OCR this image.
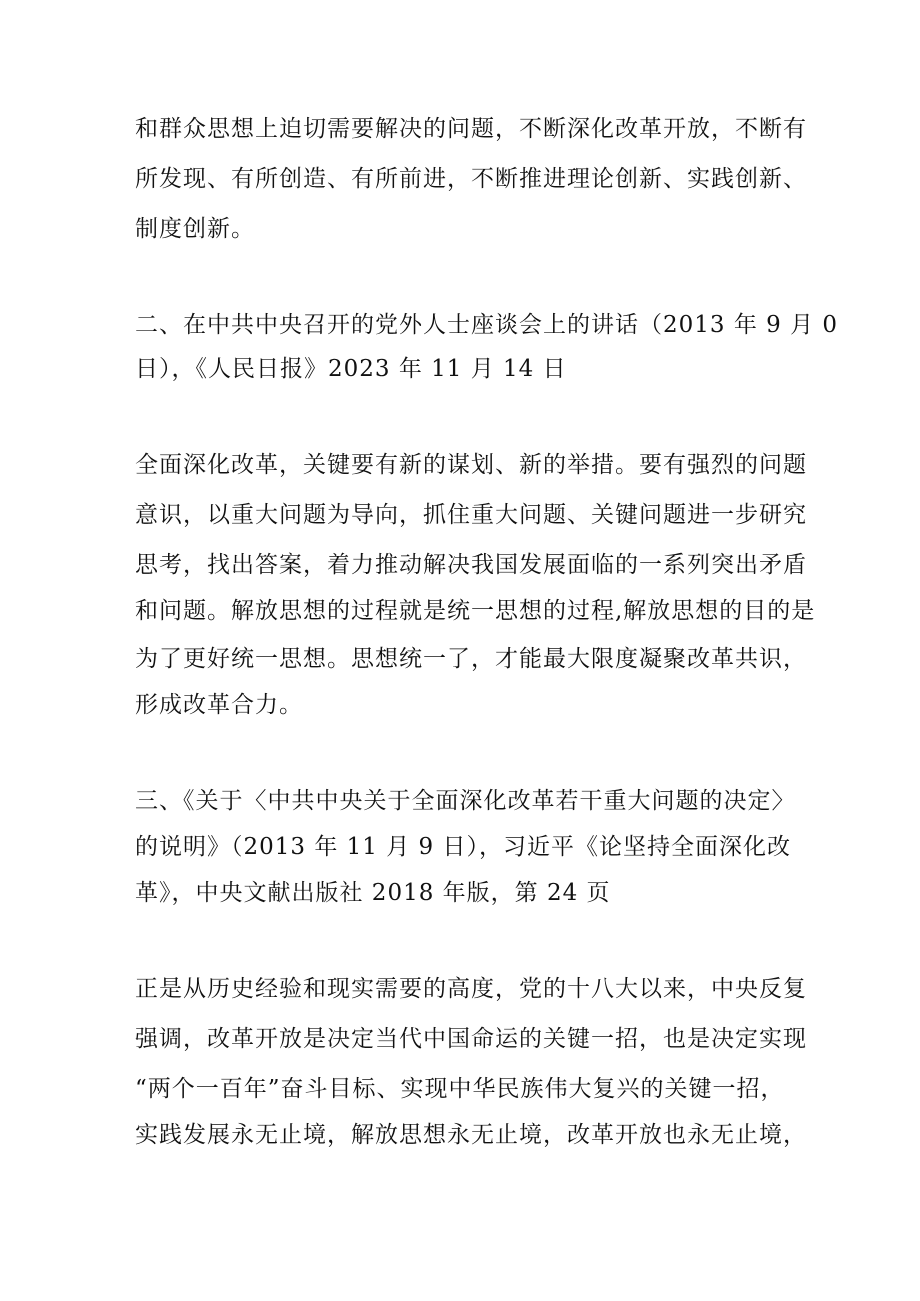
和群众思想上迫切需要解决的问题，不断深化改革开放，不断有
所发现、有所创造、有所前进，不断推进理论创新、实践创新、
制度创新。
二、在中共中央召开的党外人士座谈会上的讲话（2013 年 9 月 0
日），《人民日报》2023 年 11 月 14 日
全面深化改革，关键要有新的谋划、新的举措。要有强烈的问题
意识，以重大问题为导向，抓住重大问题、关键问题进一步研究
思考，找出答案，着力推动解决我国发展面临的一系列突出矛盾
和问题。解放思想的过程就是统一思想的过程,解放思想的目的是
为了更好统一思想。思想统一了，才能最大限度凝聚改革共识，
形成改革合力。
三、《关于〈中共中央关于全面深化改革若干重大问题的决定〉
的说明》（2013 年 11 月 9 日），习近平《论坚持全面深化改
革》，中央文献出版社 2018 年版，第 24 页
正是从历史经验和现实需要的高度，党的十八大以来，中央反复
强调，改革开放是决定当代中国命运的关键一招，也是决定实现
“两个一百年”奋斗目标、实现中华民族伟大复兴的关键一招，
实践发展永无止境，解放思想永无止境，改革开放也永无止境，
